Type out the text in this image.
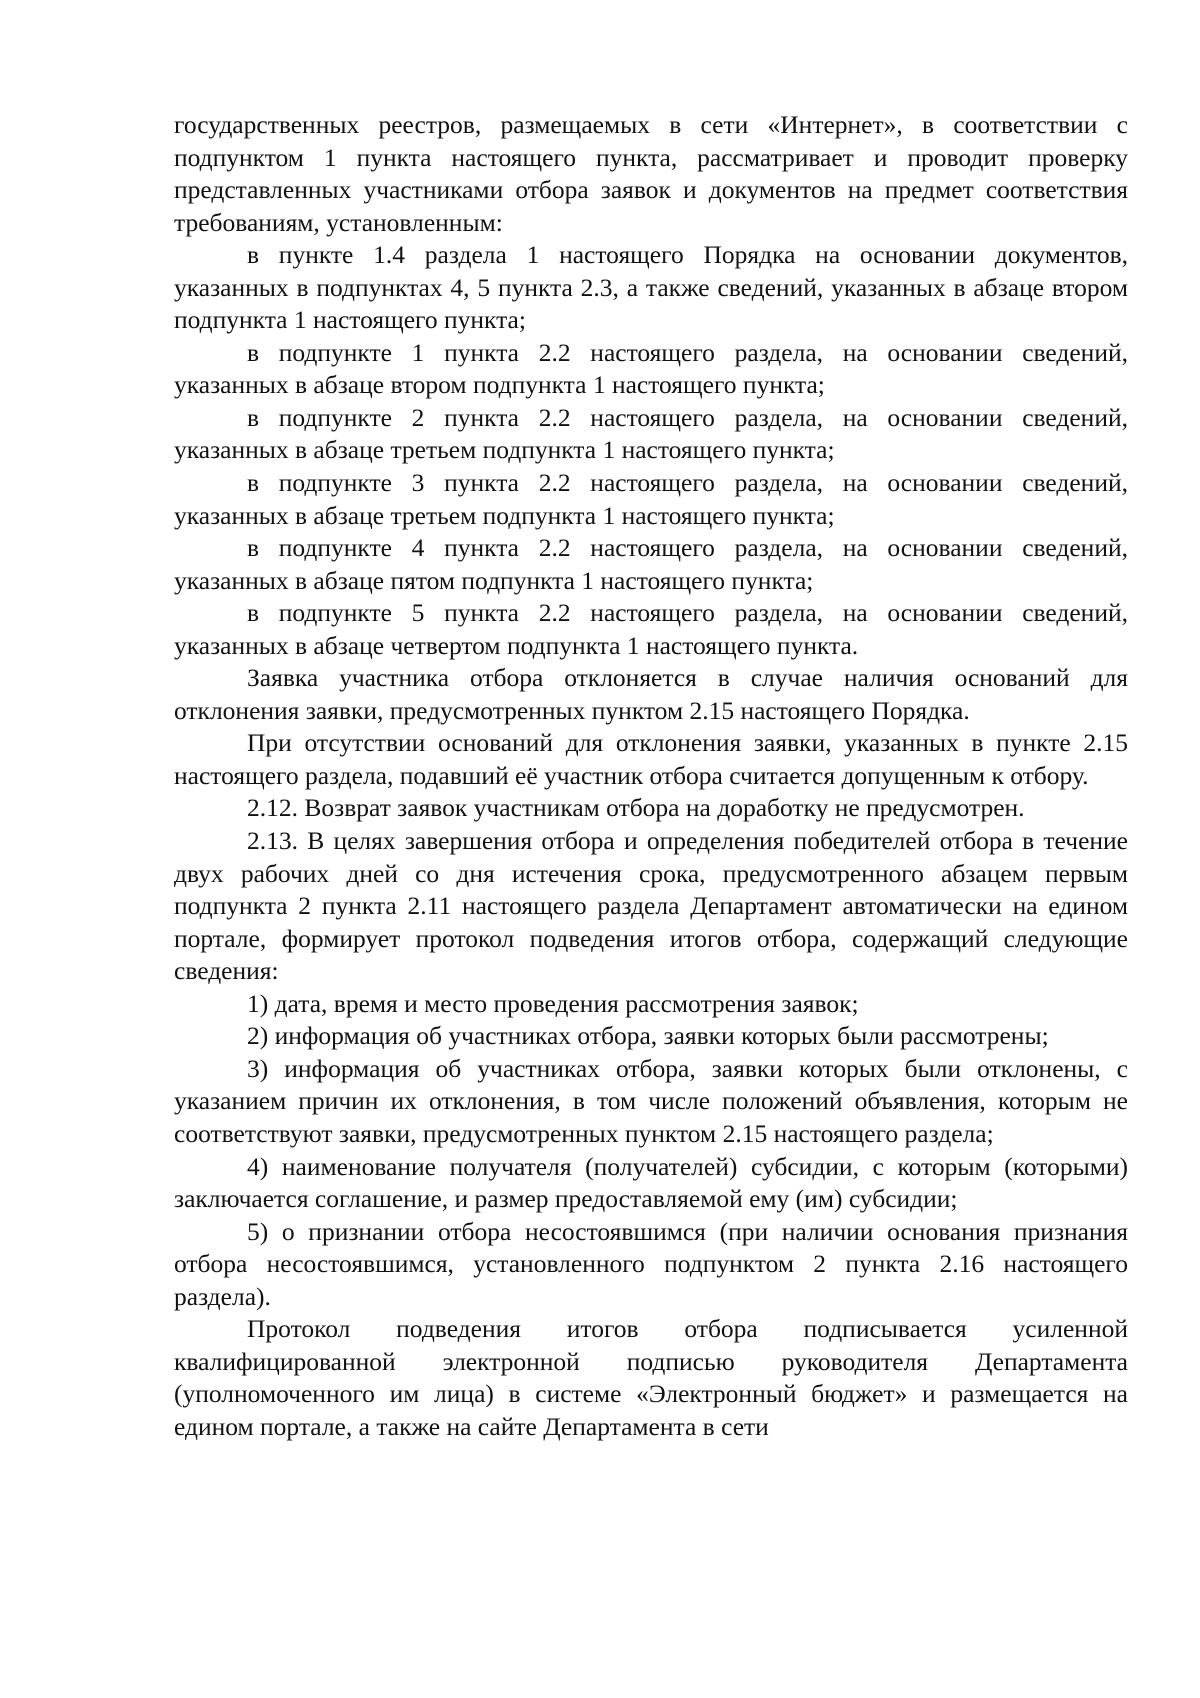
государственных реестров, размещаемых в сети «Интернет», в соответствии с подпунктом 1 пункта настоящего пункта, рассматривает и проводит проверку представленных участниками отбора заявок и документов на предмет соответствия требованиям, установленным:

в пункте 1.4 раздела 1 настоящего Порядка на основании документов, указанных в подпунктах 4, 5 пункта 2.3, а также сведений, указанных в абзаце втором подпункта 1 настоящего пункта;

в подпункте 1 пункта 2.2 настоящего раздела, на основании сведений, указанных в абзаце втором подпункта 1 настоящего пункта;

в подпункте 2 пункта 2.2 настоящего раздела, на основании сведений, указанных в абзаце третьем подпункта 1 настоящего пункта;

в подпункте 3 пункта 2.2 настоящего раздела, на основании сведений, указанных в абзаце третьем подпункта 1 настоящего пункта;

в подпункте 4 пункта 2.2 настоящего раздела, на основании сведений, указанных в абзаце пятом подпункта 1 настоящего пункта;

в подпункте 5 пункта 2.2 настоящего раздела, на основании сведений, указанных в абзаце четвертом подпункта 1 настоящего пункта.

Заявка участника отбора отклоняется в случае наличия оснований для отклонения заявки, предусмотренных пунктом 2.15 настоящего Порядка.

При отсутствии оснований для отклонения заявки, указанных в пункте 2.15 настоящего раздела, подавший её участник отбора считается допущенным к отбору.

2.12. Возврат заявок участникам отбора на доработку не предусмотрен.

2.13. В целях завершения отбора и определения победителей отбора в течение двух рабочих дней со дня истечения срока, предусмотренного абзацем первым подпункта 2 пункта 2.11 настоящего раздела Департамент автоматически на едином портале, формирует протокол подведения итогов отбора, содержащий следующие сведения:

1) дата, время и место проведения рассмотрения заявок;

2) информация об участниках отбора, заявки которых были рассмотрены;

3) информация об участниках отбора, заявки которых были отклонены, с указанием причин их отклонения, в том числе положений объявления, которым не соответствуют заявки, предусмотренных пунктом 2.15 настоящего раздела;

4) наименование получателя (получателей) субсидии, с которым (которыми) заключается соглашение, и размер предоставляемой ему (им) субсидии;

5) о признании отбора несостоявшимся (при наличии основания признания отбора несостоявшимся, установленного подпунктом 2 пункта 2.16 настоящего раздела).

Протокол подведения итогов отбора подписывается усиленной квалифицированной электронной подписью руководителя Департамента (уполномоченного им лица) в системе «Электронный бюджет» и размещается на едином портале, а также на сайте Департамента в сети
